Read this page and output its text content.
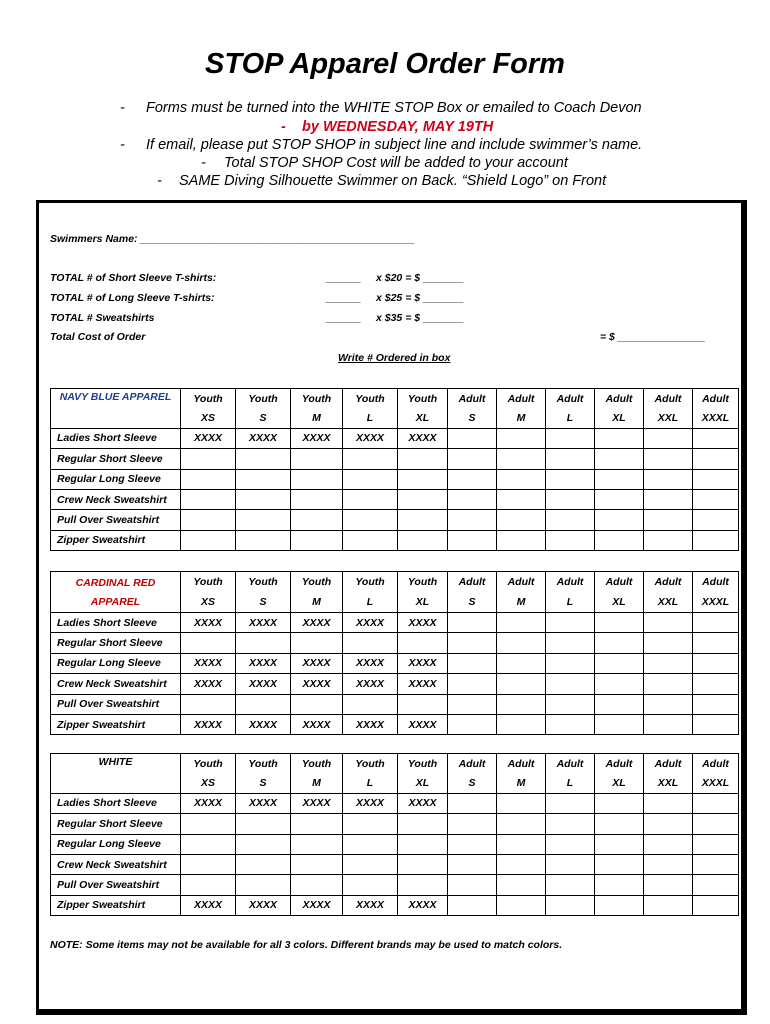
STOP Apparel Order Form
- Forms must be turned into the WHITE STOP Box or emailed to Coach Devon
- by WEDNESDAY, MAY 19TH
- If email, please put STOP SHOP in subject line and include swimmer’s name.
- Total STOP SHOP Cost will be added to your account
- SAME Diving Silhouette Swimmer on Back. “Shield Logo” on Front
Swimmers Name: _______________________________________________
TOTAL # of Short Sleeve T-shirts:	______ x $20 = $ _______
TOTAL # of Long Sleeve T-shirts:	______ x $25 = $ _______
TOTAL # Sweatshirts	______ x $35 = $ _______
Total Cost of Order	= $ _______________
Write # Ordered in box
NAVY BLUE APPAREL	Youth	Youth	Youth	Youth	Youth	Adult	Adult	Adult	Adult	Adult	Adult
	XS	S	M	L	XL	S	M	L	XL	XXL	XXXL
Ladies Short Sleeve	XXXX	XXXX	XXXX	XXXX	XXXX						
Regular Short Sleeve											
Regular Long Sleeve											
Crew Neck Sweatshirt											
Pull Over Sweatshirt											
Zipper Sweatshirt											
CARDINAL RED APPAREL	Youth	Youth	Youth	Youth	Youth	Adult	Adult	Adult	Adult	Adult	Adult
	XS	S	M	L	XL	S	M	L	XL	XXL	XXXL
Ladies Short Sleeve	XXXX	XXXX	XXXX	XXXX	XXXX						
Regular Short Sleeve											
Regular Long Sleeve	XXXX	XXXX	XXXX	XXXX	XXXX						
Crew Neck Sweatshirt	XXXX	XXXX	XXXX	XXXX	XXXX						
Pull Over Sweatshirt											
Zipper Sweatshirt	XXXX	XXXX	XXXX	XXXX	XXXX						
WHITE	Youth	Youth	Youth	Youth	Youth	Adult	Adult	Adult	Adult	Adult	Adult
	XS	S	M	L	XL	S	M	L	XL	XXL	XXXL
Ladies Short Sleeve	XXXX	XXXX	XXXX	XXXX	XXXX						
Regular Short Sleeve											
Regular Long Sleeve											
Crew Neck Sweatshirt											
Pull Over Sweatshirt											
Zipper Sweatshirt	XXXX	XXXX	XXXX	XXXX	XXXX						
NOTE: Some items may not be available for all 3 colors. Different brands may be used to match colors.
